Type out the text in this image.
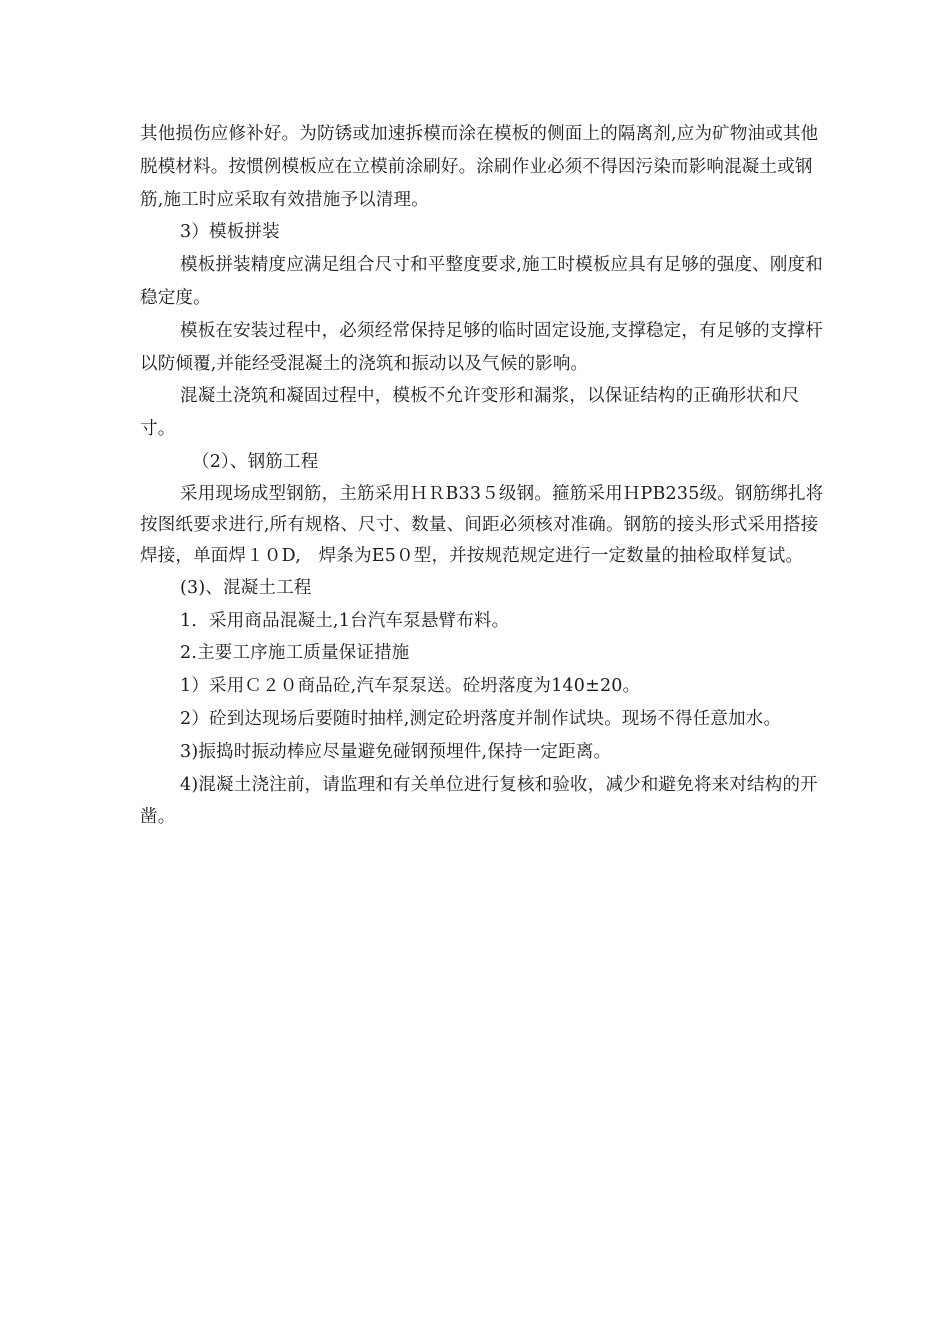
其他损伤应修补好。为防锈或加速拆模而涂在模板的侧面上的隔离剂,应为矿物油或其他脱模材料。按惯例模板应在立模前涂刷好。涂刷作业必须不得因污染而影响混凝土或钢筋,施工时应采取有效措施予以清理。

3）模板拼装

模板拼装精度应满足组合尺寸和平整度要求,施工时模板应具有足够的强度、刚度和稳定度。

模板在安装过程中，必须经常保持足够的临时固定设施,支撑稳定，有足够的支撑杆以防倾覆,并能经受混凝土的浇筑和振动以及气候的影响。

混凝土浇筑和凝固过程中，模板不允许变形和漏浆，以保证结构的正确形状和尺寸。

（2）、钢筋工程

采用现场成型钢筋，主筋采用ＨＲB33５级钢。箍筋采用ＨPB235级。钢筋绑扎将按图纸要求进行,所有规格、尺寸、数量、间距必须核对准确。钢筋的接头形式采用搭接焊接，单面焊１０D,　焊条为E5０型，并按规范规定进行一定数量的抽检取样复试。

(3)、混凝土工程

1．采用商品混凝土,1台汽车泵悬臂布料。

2.主要工序施工质量保证措施

1）采用Ｃ２０商品砼,汽车泵泵送。砼坍落度为140±20。

2）砼到达现场后要随时抽样,测定砼坍落度并制作试块。现场不得任意加水。

3)振捣时振动棒应尽量避免碰钢预埋件,保持一定距离。

4)混凝土浇注前，请监理和有关单位进行复核和验收，减少和避免将来对结构的开凿。
